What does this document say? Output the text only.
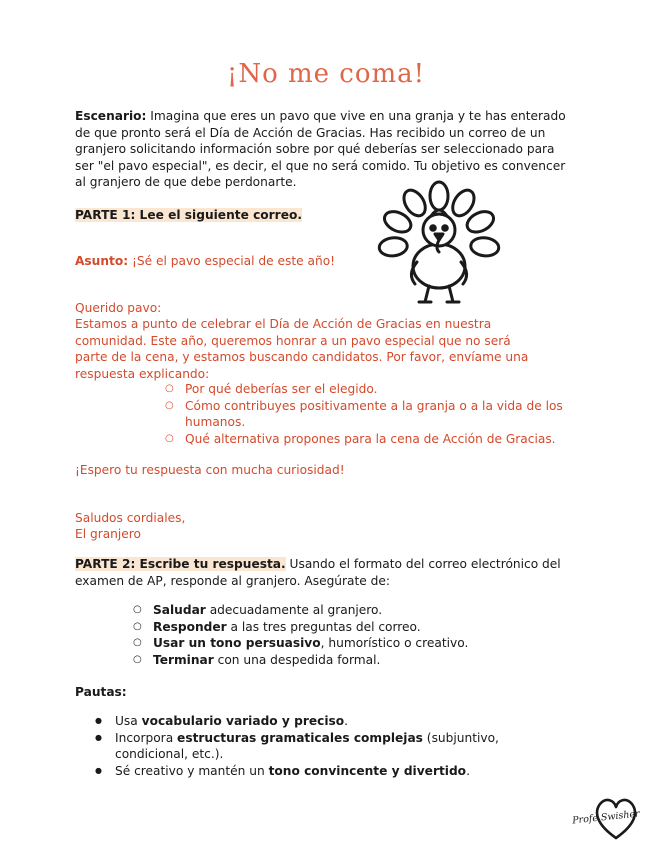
¡No me coma!

Escenario: Imagina que eres un pavo que vive en una granja y te has enterado de que pronto será el Día de Acción de Gracias. Has recibido un correo de un granjero solicitando información sobre por qué deberías ser seleccionado para ser "el pavo especial", es decir, el que no será comido. Tu objetivo es convencer al granjero de que debe perdonarte.

PARTE 1: Lee el siguiente correo.

Asunto: ¡Sé el pavo especial de este año!

Querido pavo:

Estamos a punto de celebrar el Día de Acción de Gracias en nuestra comunidad. Este año, queremos honrar a un pavo especial que no será parte de la cena, y estamos buscando candidatos. Por favor, envíame una respuesta explicando:

○ Por qué deberías ser el elegido.
○ Cómo contribuyes positivamente a la granja o a la vida de los humanos.
○ Qué alternativa propones para la cena de Acción de Gracias.

¡Espero tu respuesta con mucha curiosidad!

Saludos cordiales,

El granjero

PARTE 2: Escribe tu respuesta. Usando el formato del correo electrónico del examen de AP, responde al granjero. Asegúrate de:

○ Saludar adecuadamente al granjero.
○ Responder a las tres preguntas del correo.
○ Usar un tono persuasivo, humorístico o creativo.
○ Terminar con una despedida formal.

Pautas:

● Usa vocabulario variado y preciso.
● Incorpora estructuras gramaticales complejas (subjuntivo, condicional, etc.).
● Sé creativo y mantén un tono convincente y divertido.
Profe Swisher
